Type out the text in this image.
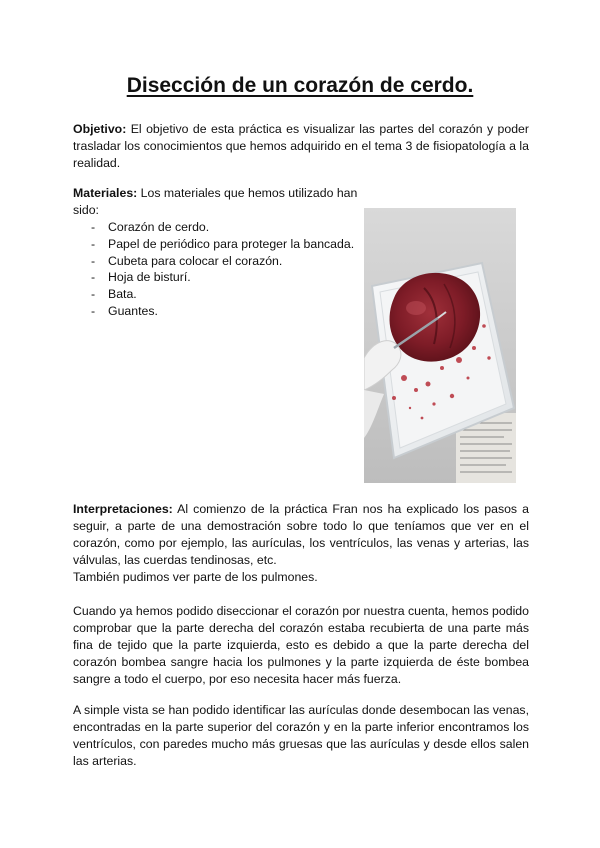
Disección de un corazón de cerdo.

Objetivo: El objetivo de esta práctica es visualizar las partes del corazón y poder trasladar los conocimientos que hemos adquirido en el tema 3 de fisiopatología a la realidad.

Materiales: Los materiales que hemos utilizado han sido:

- Corazón de cerdo.
- Papel de periódico para proteger la bancada.
- Cubeta para colocar el corazón.
- Hoja de bisturí.
- Bata.
- Guantes.

Interpretaciones: Al comienzo de la práctica Fran nos ha explicado los pasos a seguir, a parte de una demostración sobre todo lo que teníamos que ver en el corazón, como por ejemplo, las aurículas, los ventrículos, las venas y arterias, las válvulas, las cuerdas tendinosas, etc.

También pudimos ver parte de los pulmones.

Cuando ya hemos podido diseccionar el corazón por nuestra cuenta, hemos podido comprobar que la parte derecha del corazón estaba recubierta de una parte más fina de tejido que la parte izquierda, esto es debido a que la parte derecha del corazón bombea sangre hacia los pulmones y la parte izquierda de éste bombea sangre a todo el cuerpo, por eso necesita hacer más fuerza.

A simple vista se han podido identificar las aurículas donde desembocan las venas, encontradas en la parte superior del corazón y en la parte inferior encontramos los ventrículos, con paredes mucho más gruesas que las aurículas y desde ellos salen las arterias.
